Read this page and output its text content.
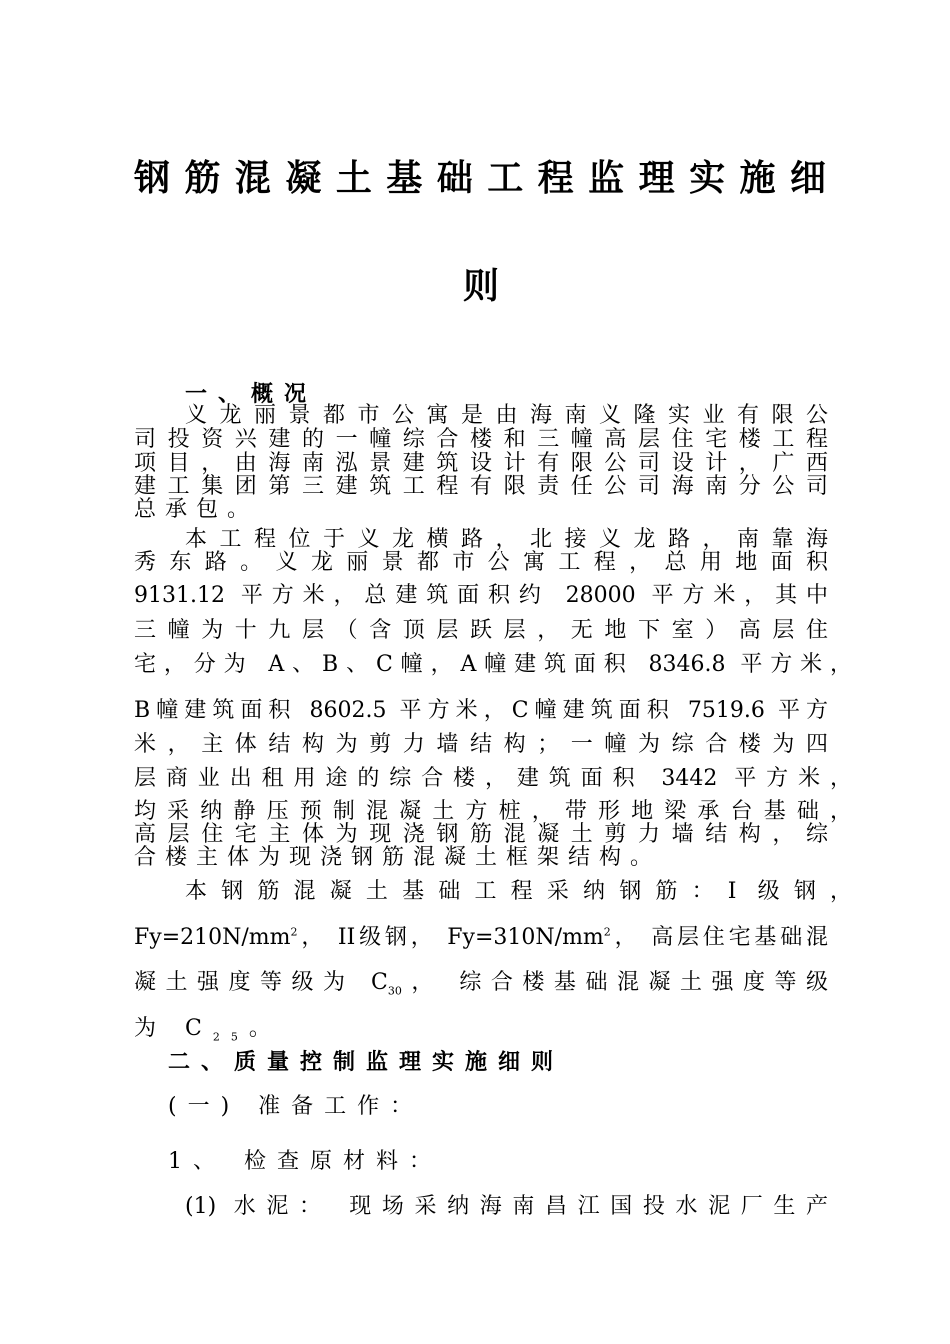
钢筋混凝土基础工程监理实施细
则
一、概况
义龙丽景都市公寓是由海南义隆实业有限公
司投资兴建的一幢综合楼和三幢高层住宅楼工程
项目，由海南泓景建筑设计有限公司设计，广西
建工集团第三建筑工程有限责任公司海南分公司
总承包。
本工程位于义龙横路，北接义龙路，南靠海
秀东路。义龙丽景都市公寓工程，总用地面积
9131.12 平方米，总建筑面积约 28000 平方米，其中
三幢为十九层（含顶层跃层，无地下室）高层住
宅，分为 A、B、C幢，A幢建筑面积 8346.8 平方米，
B幢建筑面积 8602.5 平方米，C幢建筑面积 7519.6 平方
米，主体结构为剪力墙结构；一幢为综合楼为四
层商业出租用途的综合楼，建筑面积 3442 平方米，
均采纳静压预制混凝土方桩，带形地梁承台基础，
高层住宅主体为现浇钢筋混凝土剪力墙结构，综
合楼主体为现浇钢筋混凝土框架结构。
本钢筋混凝土基础工程采纳钢筋：I 级钢，
$Fy=210N/mm^2$， II级钢， $Fy=310N/mm^2$， 高层住宅基础混
凝土强度等级为 $C_{30}$， 综合楼基础混凝土强度等级
为 $C_{25}$。
二、质量控制监理实施细则
(一) 准备工作：
1、 检查原材料：
(1) 水泥： 现场采纳海南昌江国投水泥厂生产
